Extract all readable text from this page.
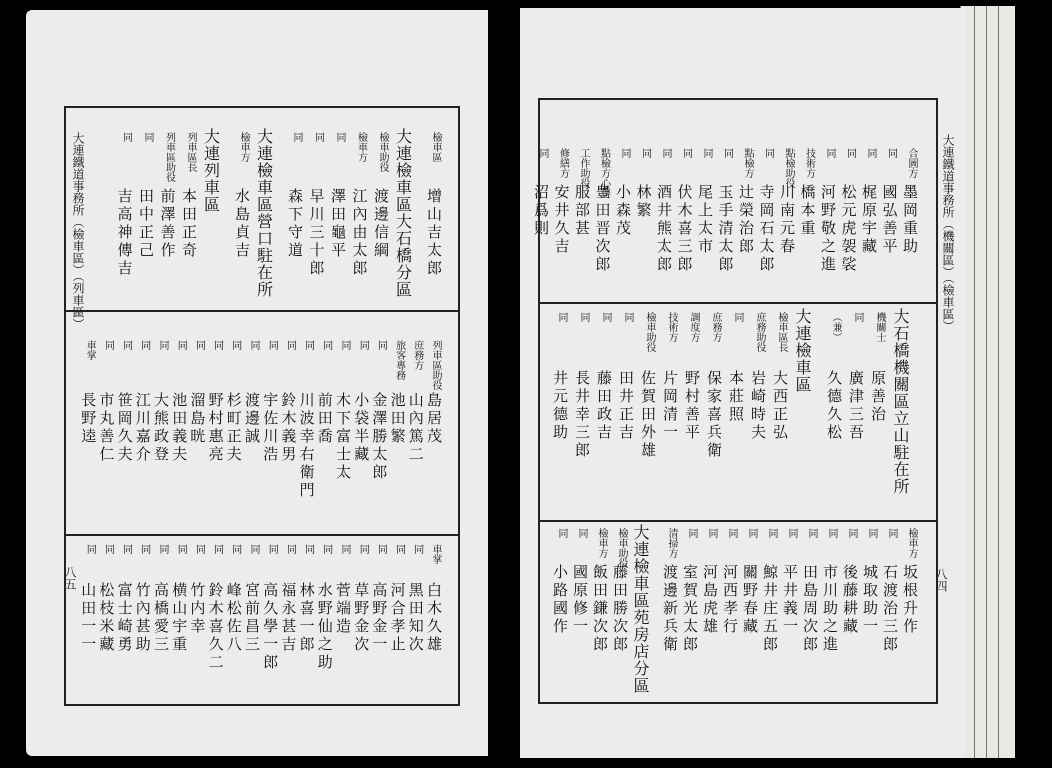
大連鐵道事務所（檢車區）（列車區）
八五
檢車區
增山吉太郎
大連檢車區大石橋分區
檢車助役
渡邊信綱
檢車方
江內由太郎
同
澤田龜平
同
早川三十郎
同
森下守道
大連檢車區營口駐在所
檢車方
水島貞吉
大連列車區
列車區長
本田正奇
列車區助役
前澤善作
同
田中正己
同
吉高神傳吉
列車區助役
島居茂
庶務方
山內篤二
旅客專務
池田繁
同
金澤勝太郎
同
小袋半藏
同
木下富士太
同
前田喬
同
川波幸右衛門
同
鈴木義男
同
宇佐川浩
同
渡邊誠
同
杉町正夫
同
野村惠亮
同
溜島晄
同
池田義夫
同
大熊政登
同
江川嘉介
同
笹岡久夫
同
市丸善仁
車掌
長野逵
車掌
白木久雄
同
黑田知次
同
河合孝止
同
高野金一
同
草野金次
同
菅端造
同
水野仙之助
同
林喜一郎
同
福永甚吉
同
高久學一郎
同
宮前昌三
同
峰松佐八
同
鈴木喜久二
同
竹内幸
同
横山宇重
同
高橋愛三
同
竹內甚助
同
富士崎勇
同
松枝米藏
同
山田一一
大連鐵道事務所（機關區）（檢車區）
八四
合圖方
墨岡重助
同
國弘善平
同
梶原宇藏
同
松元虎袈裟
同
河野敬之進
技術方
橋本重
點檢助役
川南元春
同
寺岡石太郎
點檢方
辻榮治郎
同
玉手清太郎
同
尾上太市
同
伏木喜三郎
同
酒井熊太郎
同
林繁
同
小森茂
點檢方心得
豊田晋次郎
工作助役
服部甚
修繕方
安井久吉
同
沼爲則
大石橋機關區立山駐在所
機關士
原善治
同
廣津三吾
（兼）
久德久松
大連檢車區
檢車區長
大西正弘
庶務助役
岩崎時夫
同
本莊照
庶務方
保家喜兵衛
調度方
野村善平
技術方
片岡清一
檢車助役
佐賀田外雄
同
田井正吉
同
藤田政吉
同
長井幸三郎
同
井元德助
檢車方
坂根升作
同
石渡治三郎
同
城取助一
同
後藤耕藏
同
市川助之進
同
田島周次郎
同
平井義一
同
鯨井庄五郎
同
關野春藏
同
河西孝行
同
河島虎雄
同
室賀光太郎
清掃方
渡邊新兵衛
大連檢車區苑房店分區
檢車助役
藤田勝次郎
檢車方
飯田鎌次郎
同
國原修一
同
小路國作
